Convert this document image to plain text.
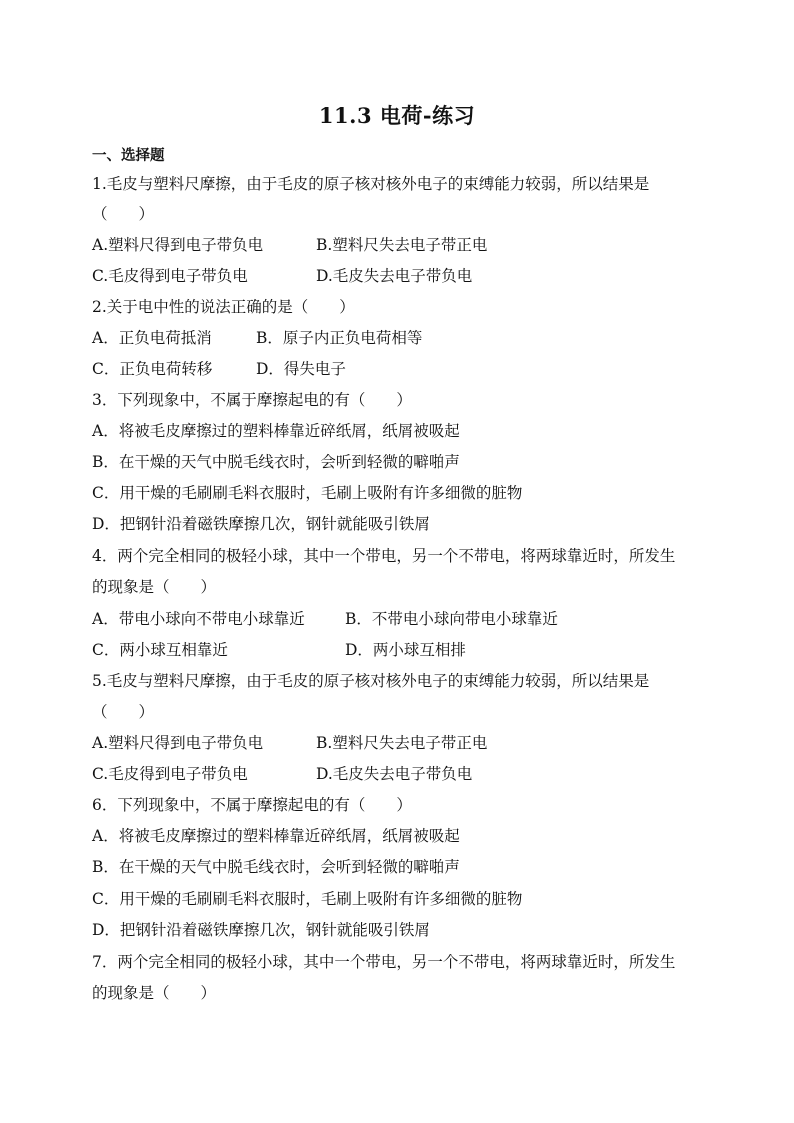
11.3 电荷-练习
一、选择题
1.毛皮与塑料尺摩擦，由于毛皮的原子核对核外电子的束缚能力较弱，所以结果是
（　　）
A.塑料尺得到电子带负电	B.塑料尺失去电子带正电
C.毛皮得到电子带负电	D.毛皮失去电子带负电
2.关于电中性的说法正确的是（　　）
A．正负电荷抵消	B．原子内正负电荷相等
C．正负电荷转移	D．得失电子
3．下列现象中，不属于摩擦起电的有（　　）
A．将被毛皮摩擦过的塑料棒靠近碎纸屑，纸屑被吸起
B．在干燥的天气中脱毛线衣时，会听到轻微的噼啪声
C．用干燥的毛刷刷毛料衣服时，毛刷上吸附有许多细微的脏物
D．把钢针沿着磁铁摩擦几次，钢针就能吸引铁屑
4．两个完全相同的极轻小球，其中一个带电，另一个不带电，将两球靠近时，所发生
的现象是（　　）
A．带电小球向不带电小球靠近	B．不带电小球向带电小球靠近
C．两小球互相靠近	D．两小球互相排
5.毛皮与塑料尺摩擦，由于毛皮的原子核对核外电子的束缚能力较弱，所以结果是
（　　）
A.塑料尺得到电子带负电	B.塑料尺失去电子带正电
C.毛皮得到电子带负电	D.毛皮失去电子带负电
6．下列现象中，不属于摩擦起电的有（　　）
A．将被毛皮摩擦过的塑料棒靠近碎纸屑，纸屑被吸起
B．在干燥的天气中脱毛线衣时，会听到轻微的噼啪声
C．用干燥的毛刷刷毛料衣服时，毛刷上吸附有许多细微的脏物
D．把钢针沿着磁铁摩擦几次，钢针就能吸引铁屑
7．两个完全相同的极轻小球，其中一个带电，另一个不带电，将两球靠近时，所发生
的现象是（　　）
